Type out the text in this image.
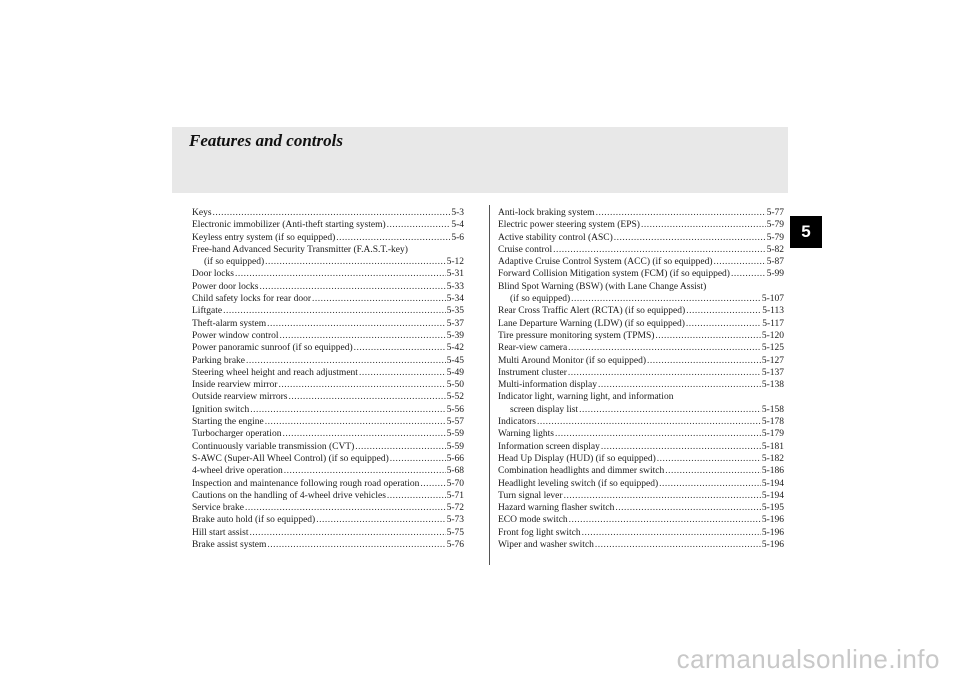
Features and controls
5
Keys .....	5-3
Electronic immobilizer (Anti-theft starting system) .....	5-4
Keyless entry system (if so equipped) .....	5-6
Free-hand Advanced Security Transmitter (F.A.S.T.-key)
(if so equipped) .....	5-12
Door locks .....	5-31
Power door locks .....	5-33
Child safety locks for rear door .....	5-34
Liftgate .....	5-35
Theft-alarm system .....	5-37
Power window control .....	5-39
Power panoramic sunroof (if so equipped) .....	5-42
Parking brake .....	5-45
Steering wheel height and reach adjustment .....	5-49
Inside rearview mirror .....	5-50
Outside rearview mirrors .....	5-52
Ignition switch .....	5-56
Starting the engine .....	5-57
Turbocharger operation .....	5-59
Continuously variable transmission (CVT) .....	5-59
S-AWC (Super-All Wheel Control) (if so equipped) .....	5-66
4-wheel drive operation .....	5-68
Inspection and maintenance following rough road operation .....	5-70
Cautions on the handling of 4-wheel drive vehicles .....	5-71
Service brake .....	5-72
Brake auto hold (if so equipped) .....	5-73
Hill start assist .....	5-75
Brake assist system .....	5-76
Anti-lock braking system .....	5-77
Electric power steering system (EPS) .....	5-79
Active stability control (ASC) .....	5-79
Cruise control .....	5-82
Adaptive Cruise Control System (ACC) (if so equipped) .....	5-87
Forward Collision Mitigation system (FCM) (if so equipped) .....	5-99
Blind Spot Warning (BSW) (with Lane Change Assist)
(if so equipped) .....	5-107
Rear Cross Traffic Alert (RCTA) (if so equipped) .....	5-113
Lane Departure Warning (LDW) (if so equipped) .....	5-117
Tire pressure monitoring system (TPMS) .....	5-120
Rear-view camera .....	5-125
Multi Around Monitor (if so equipped) .....	5-127
Instrument cluster .....	5-137
Multi-information display .....	5-138
Indicator light, warning light, and information
screen display list .....	5-158
Indicators .....	5-178
Warning lights .....	5-179
Information screen display .....	5-181
Head Up Display (HUD) (if so equipped) .....	5-182
Combination headlights and dimmer switch .....	5-186
Headlight leveling switch (if so equipped) .....	5-194
Turn signal lever .....	5-194
Hazard warning flasher switch .....	5-195
ECO mode switch .....	5-196
Front fog light switch .....	5-196
Wiper and washer switch .....	5-196
carmanualsonline.info
